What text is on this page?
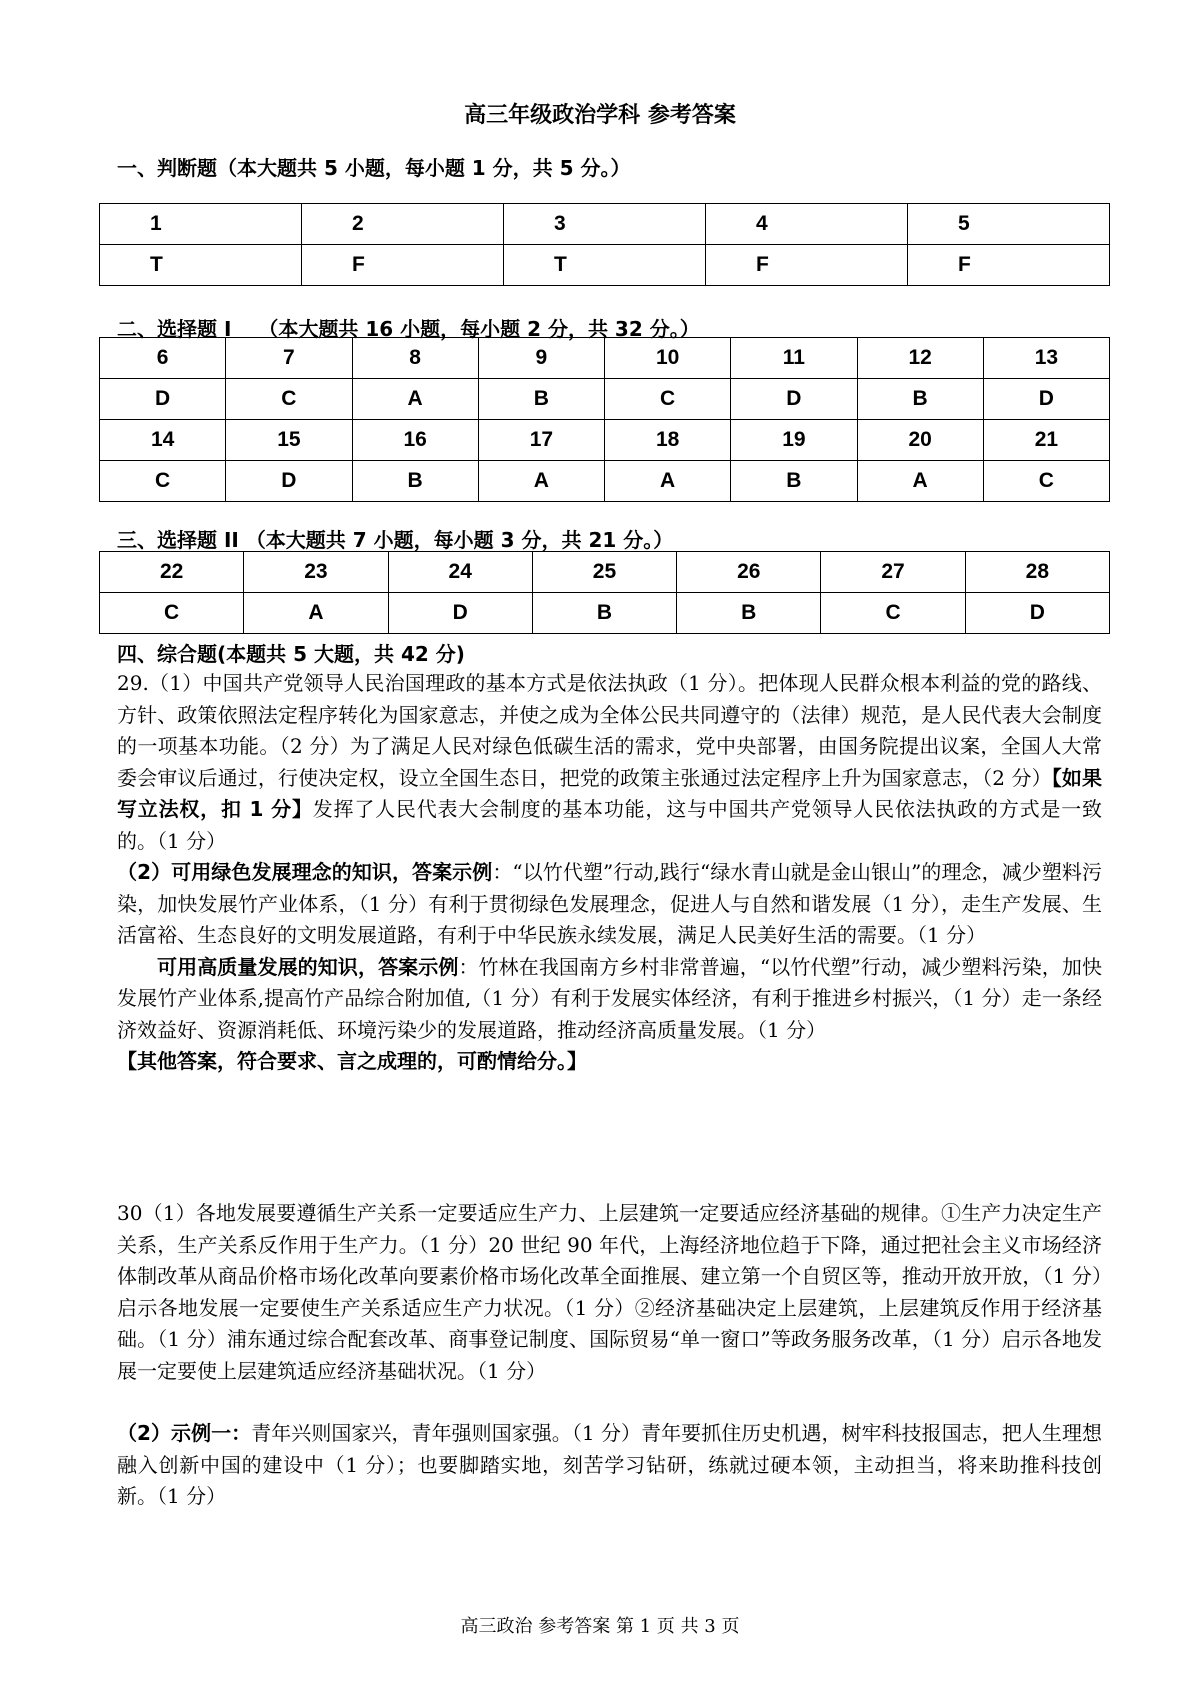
高三年级政治学科 参考答案
一、判断题（本大题共 5 小题，每小题 1 分，共 5 分。）
1	2	3	4	5
T	F	T	F	F
二、选择题 I　 （本大题共 16 小题，每小题 2 分，共 32 分。）
6	7	8	9	10	11	12	13
D	C	A	B	C	D	B	D
14	15	16	17	18	19	20	21
C	D	B	A	A	B	A	C
三、选择题 II （本大题共 7 小题，每小题 3 分，共 21 分。）
22	23	24	25	26	27	28
C	A	D	B	B	C	D
四、综合题(本题共 5 大题，共 42 分)

29.（1）中国共产党领导人民治国理政的基本方式是依法执政（1 分）。把体现人民群众根本利益的党的路线、方针、政策依照法定程序转化为国家意志，并使之成为全体公民共同遵守的（法律）规范，是人民代表大会制度的一项基本功能。（2 分）为了满足人民对绿色低碳生活的需求，党中央部署，由国务院提出议案，全国人大常委会审议后通过，行使决定权，设立全国生态日，把党的政策主张通过法定程序上升为国家意志，（2 分）【如果写立法权，扣 1 分】发挥了人民代表大会制度的基本功能，这与中国共产党领导人民依法执政的方式是一致的。（1 分）

（2）可用绿色发展理念的知识，答案示例：“以竹代塑”行动,践行“绿水青山就是金山银山”的理念，减少塑料污染，加快发展竹产业体系，（1 分）有利于贯彻绿色发展理念，促进人与自然和谐发展（1 分），走生产发展、生活富裕、生态良好的文明发展道路，有利于中华民族永续发展，满足人民美好生活的需要。（1 分）

可用高质量发展的知识，答案示例：竹林在我国南方乡村非常普遍，“以竹代塑”行动，减少塑料污染，加快发展竹产业体系,提高竹产品综合附加值,（1 分）有利于发展实体经济，有利于推进乡村振兴，（1 分）走一条经济效益好、资源消耗低、环境污染少的发展道路，推动经济高质量发展。（1 分）

【其他答案，符合要求、言之成理的，可酌情给分。】

30（1）各地发展要遵循生产关系一定要适应生产力、上层建筑一定要适应经济基础的规律。①生产力决定生产关系，生产关系反作用于生产力。（1 分）20 世纪 90 年代，上海经济地位趋于下降，通过把社会主义市场经济体制改革从商品价格市场化改革向要素价格市场化改革全面推展、建立第一个自贸区等，推动开放开放，（1 分）启示各地发展一定要使生产关系适应生产力状况。（1 分）②经济基础决定上层建筑，上层建筑反作用于经济基础。（1 分）浦东通过综合配套改革、商事登记制度、国际贸易“单一窗口”等政务服务改革，（1 分）启示各地发展一定要使上层建筑适应经济基础状况。（1 分）

（2）示例一：青年兴则国家兴，青年强则国家强。（1 分）青年要抓住历史机遇，树牢科技报国志，把人生理想融入创新中国的建设中（1 分）；也要脚踏实地，刻苦学习钻研，练就过硬本领，主动担当，将来助推科技创新。（1 分）

高三政治 参考答案 第 1 页 共 3 页
